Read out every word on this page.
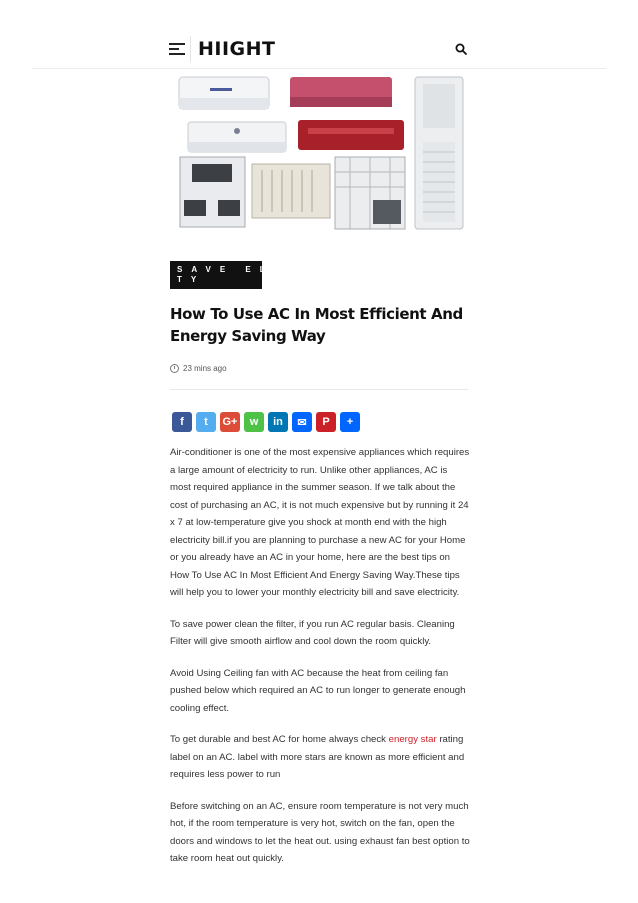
HIIGHT
SAVE ELECTRICITY
How To Use AC In Most Efficient And Energy Saving Way
23 mins ago
f t G+ w in ✉ P +

Air-conditioner is one of the most expensive appliances which requires a large amount of electricity to run. Unlike other appliances, AC is most required appliance in the summer season. If we talk about the cost of purchasing an AC, it is not much expensive but by running it 24 x 7 at low-temperature give you shock at month end with the high electricity bill.if you are planning to purchase a new AC for your Home or you already have an AC in your home, here are the best tips on How To Use AC In Most Efficient And Energy Saving Way.These tips will help you to lower your monthly electricity bill and save electricity.

To save power clean the filter, if you run AC regular basis. Cleaning Filter will give smooth airflow and cool down the room quickly.

Avoid Using Ceiling fan with AC because the heat from ceiling fan pushed below which required an AC to run longer to generate enough cooling effect.

To get durable and best AC for home always check energy star rating label on an AC. label with more stars are known as more efficient and requires less power to run

Before switching on an AC, ensure room temperature is not very much hot, if the room temperature is very hot, switch on the fan, open the doors and windows to let the heat out. using exhaust fan best option to take room heat out quickly.
